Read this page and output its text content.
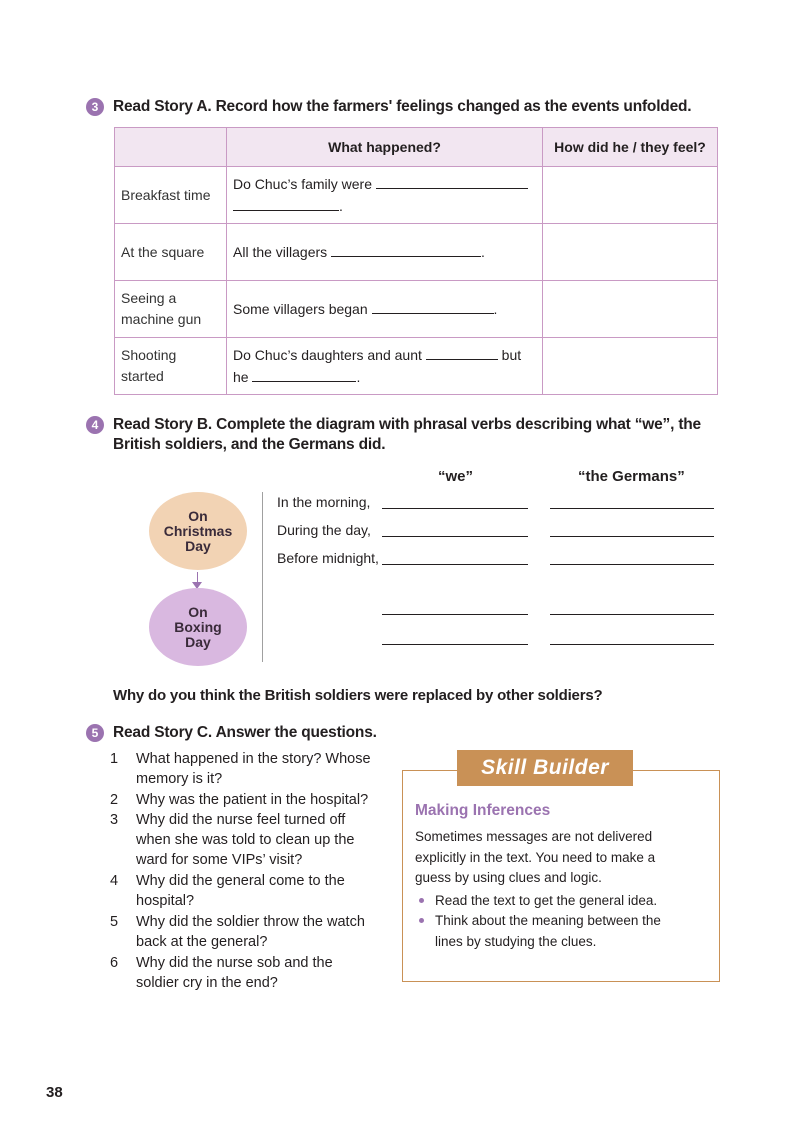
3 Read Story A. Record how the farmers' feelings changed as the events unfolded.
	What happened?	How did he / they feel?
Breakfast time	Do Chuc’s family were
.	
At the square	All the villagers .	
Seeing a machine gun	Some villagers began .	
Shooting started	Do Chuc’s daughters and aunt but
he .	
4 Read Story B. Complete the diagram with phrasal verbs describing what “we”, the
British soldiers, and the Germans did.
“we”	“the Germans”
On
Christmas
Day
On
Boxing
Day
In the morning,
During the day,
Before midnight,
Why do you think the British soldiers were replaced by other soldiers?
5 Read Story C. Answer the questions.
1	What happened in the story? Whose
memory is it?
2	Why was the patient in the hospital?
3	Why did the nurse feel turned off
when she was told to clean up the
ward for some VIPs’ visit?
4	Why did the general come to the
hospital?
5	Why did the soldier throw the watch
back at the general?
6	Why did the nurse sob and the
soldier cry in the end?
Skill Builder
Making Inferences
Sometimes messages are not delivered
explicitly in the text. You need to make a
guess by using clues and logic.
Read the text to get the general idea.
Think about the meaning between the
lines by studying the clues.
38
